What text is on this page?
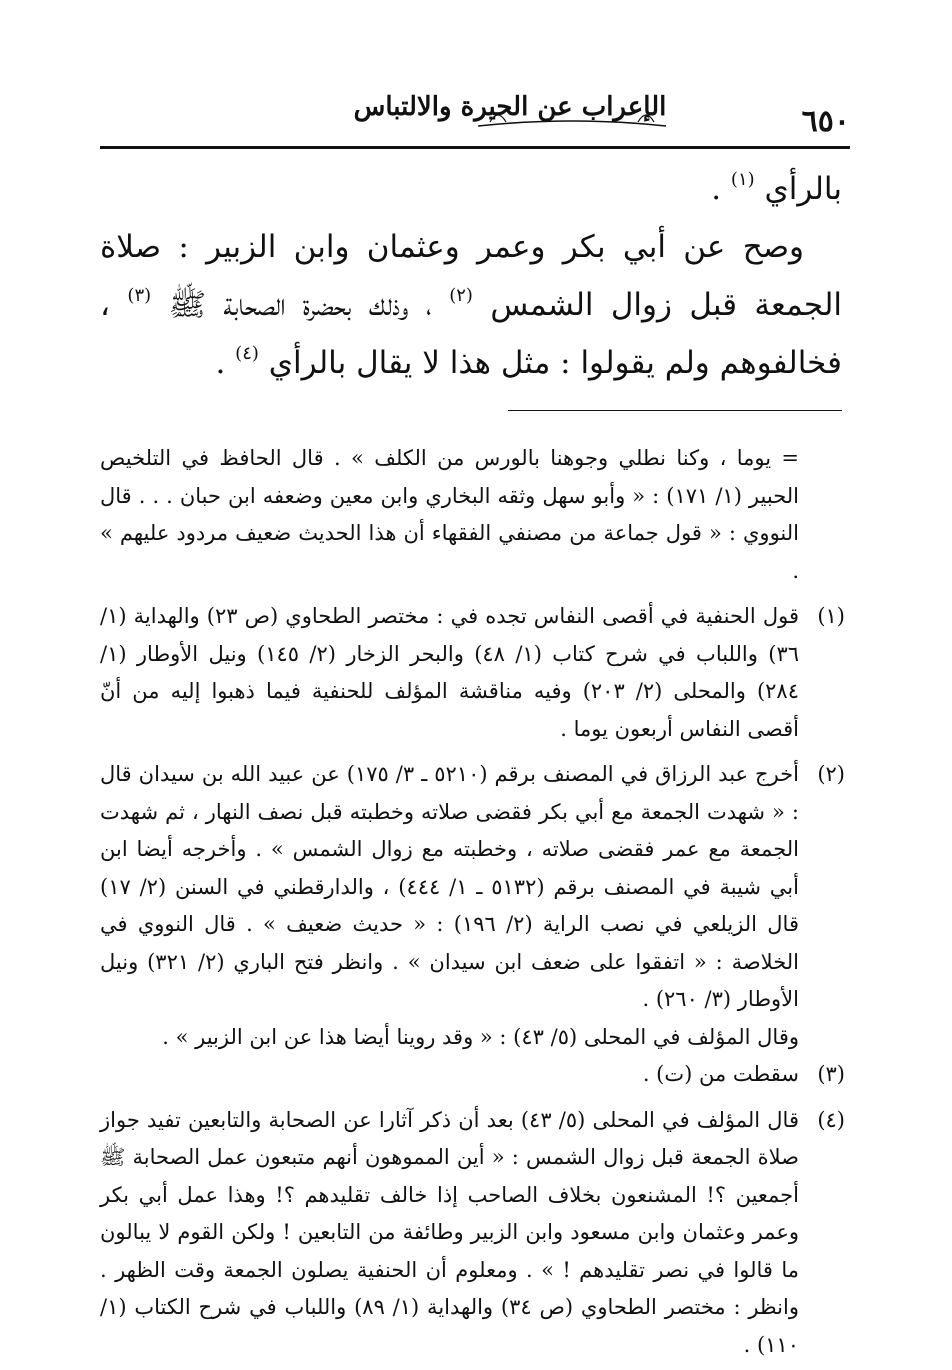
الإعراب عن الحيرة والالتباس	٦٥٠

بالرأي $^{(١)}$ .

وصح عن أبي بكر وعمر وعثمان وابن الزبير : صلاة الجمعة قبل زوال الشمس $^{(٢)}$ ، وذلك بحضرة الصحابة ﷺ $^{(٣)}$ ، فخالفوهم ولم يقولوا : مثل هذا لا يقال بالرأي $^{(٤)}$ .

= يوما ، وكنا نطلي وجوهنا بالورس من الكلف » . قال الحافظ في التلخيص الحبير (١/ ١٧١) : « وأبو سهل وثقه البخاري وابن معين وضعفه ابن حبان . . . قال النووي : « قول جماعة من مصنفي الفقهاء أن هذا الحديث ضعيف مردود عليهم » .
(١)
قول الحنفية في أقصى النفاس تجده في : مختصر الطحاوي (ص ٢٣) والهداية (١/ ٣٦) واللباب في شرح كتاب (١/ ٤٨) والبحر الزخار (٢/ ١٤٥) ونيل الأوطار (١/ ٢٨٤) والمحلى (٢/ ٢٠٣) وفيه مناقشة المؤلف للحنفية فيما ذهبوا إليه من أنّ أقصى النفاس أربعون يوما .
(٢)
أخرج عبد الرزاق في المصنف برقم (٥٢١٠ ـ ٣/ ١٧٥) عن عبيد الله بن سيدان قال : « شهدت الجمعة مع أبي بكر فقضى صلاته وخطبته قبل نصف النهار ، ثم شهدت الجمعة مع عمر فقضى صلاته ، وخطبته مع زوال الشمس » . وأخرجه أيضا ابن أبي شيبة في المصنف برقم (٥١٣٢ ـ ١/ ٤٤٤) ، والدارقطني في السنن (٢/ ١٧) قال الزيلعي في نصب الراية (٢/ ١٩٦) : « حديث ضعيف » . قال النووي في الخلاصة : « اتفقوا على ضعف ابن سيدان » . وانظر فتح الباري (٢/ ٣٢١) ونيل الأوطار (٣/ ٢٦٠) .
وقال المؤلف في المحلى (٥/ ٤٣) : « وقد روينا أيضا هذا عن ابن الزبير » .
(٣)
سقطت من (ت) .
(٤)
قال المؤلف في المحلى (٥/ ٤٣) بعد أن ذكر آثارا عن الصحابة والتابعين تفيد جواز صلاة الجمعة قبل زوال الشمس : « أين المموهون أنهم متبعون عمل الصحابة ﷺ أجمعين ؟! المشنعون بخلاف الصاحب إذا خالف تقليدهم ؟! وهذا عمل أبي بكر وعمر وعثمان وابن مسعود وابن الزبير وطائفة من التابعين ! ولكن القوم لا يبالون ما قالوا في نصر تقليدهم ! » . ومعلوم أن الحنفية يصلون الجمعة وقت الظهر . وانظر : مختصر الطحاوي (ص ٣٤) والهداية (١/ ٨٩) واللباب في شرح الكتاب (١/ ١١٠) .
